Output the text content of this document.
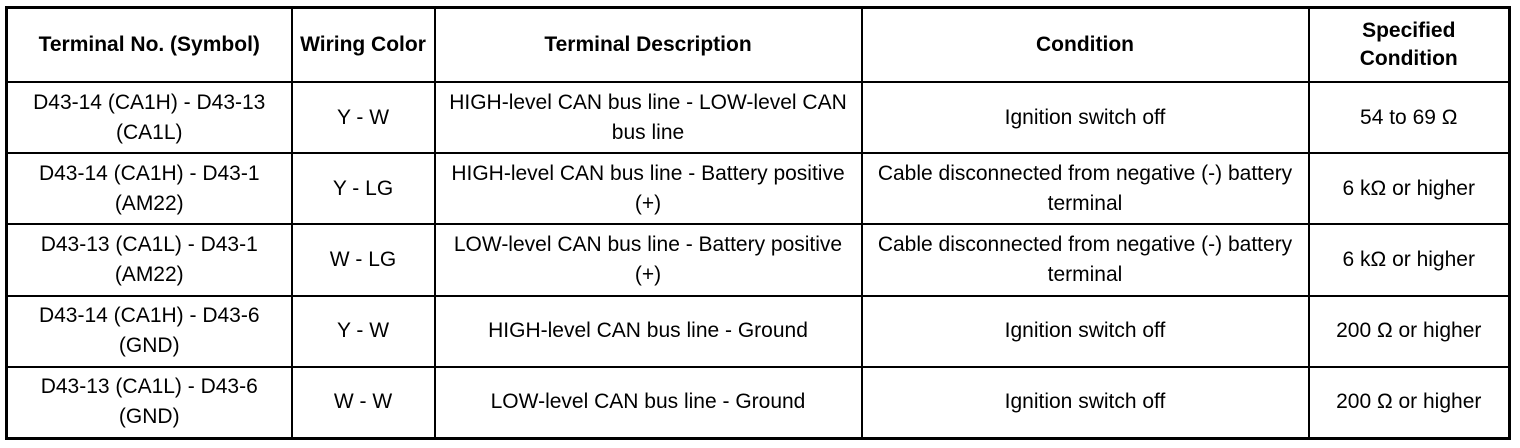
Terminal No. (Symbol)	Wiring Color	Terminal Description	Condition	Specified Condition
D43-14 (CA1H) - D43-13 (CA1L)	Y - W	HIGH-level CAN bus line - LOW-level CAN bus line	Ignition switch off	54 to 69 Ω
D43-14 (CA1H) - D43-1 (AM22)	Y - LG	HIGH-level CAN bus line - Battery positive (+)	Cable disconnected from negative (-) battery terminal	6 kΩ or higher
D43-13 (CA1L) - D43-1 (AM22)	W - LG	LOW-level CAN bus line - Battery positive (+)	Cable disconnected from negative (-) battery terminal	6 kΩ or higher
D43-14 (CA1H) - D43-6 (GND)	Y - W	HIGH-level CAN bus line - Ground	Ignition switch off	200 Ω or higher
D43-13 (CA1L) - D43-6 (GND)	W - W	LOW-level CAN bus line - Ground	Ignition switch off	200 Ω or higher
